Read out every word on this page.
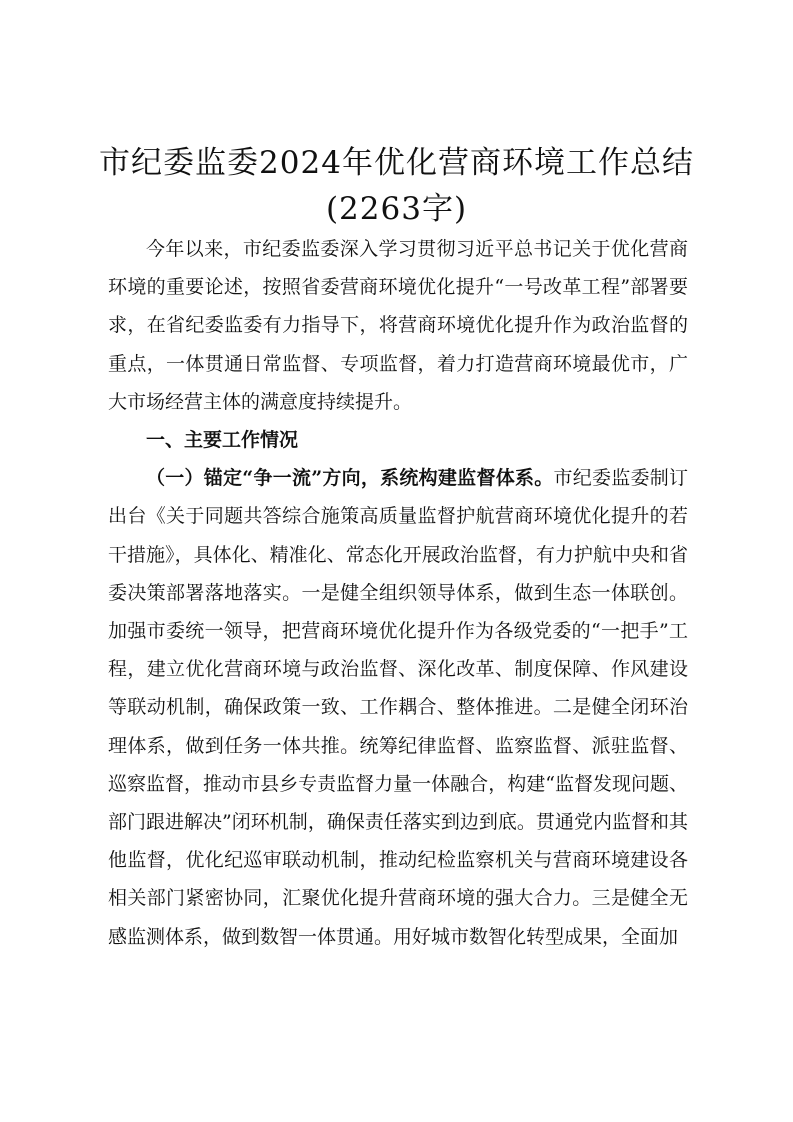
市纪委监委2024年优化营商环境工作总结
(2263字)

今年以来，市纪委监委深入学习贯彻习近平总书记关于优化营商环境的重要论述，按照省委营商环境优化提升“一号改革工程”部署要求，在省纪委监委有力指导下，将营商环境优化提升作为政治监督的重点，一体贯通日常监督、专项监督，着力打造营商环境最优市，广大市场经营主体的满意度持续提升。

一、主要工作情况

（一）锚定“争一流”方向，系统构建监督体系。市纪委监委制订出台《关于同题共答综合施策高质量监督护航营商环境优化提升的若干措施》，具体化、精准化、常态化开展政治监督，有力护航中央和省委决策部署落地落实。一是健全组织领导体系，做到生态一体联创。加强市委统一领导，把营商环境优化提升作为各级党委的“一把手”工程，建立优化营商环境与政治监督、深化改革、制度保障、作风建设等联动机制，确保政策一致、工作耦合、整体推进。二是健全闭环治理体系，做到任务一体共推。统筹纪律监督、监察监督、派驻监督、巡察监督，推动市县乡专责监督力量一体融合，构建“监督发现问题、部门跟进解决”闭环机制，确保责任落实到边到底。贯通党内监督和其他监督，优化纪巡审联动机制，推动纪检监察机关与营商环境建设各相关部门紧密协同，汇聚优化提升营商环境的强大合力。三是健全无感监测体系，做到数智一体贯通。用好城市数智化转型成果，全面加
